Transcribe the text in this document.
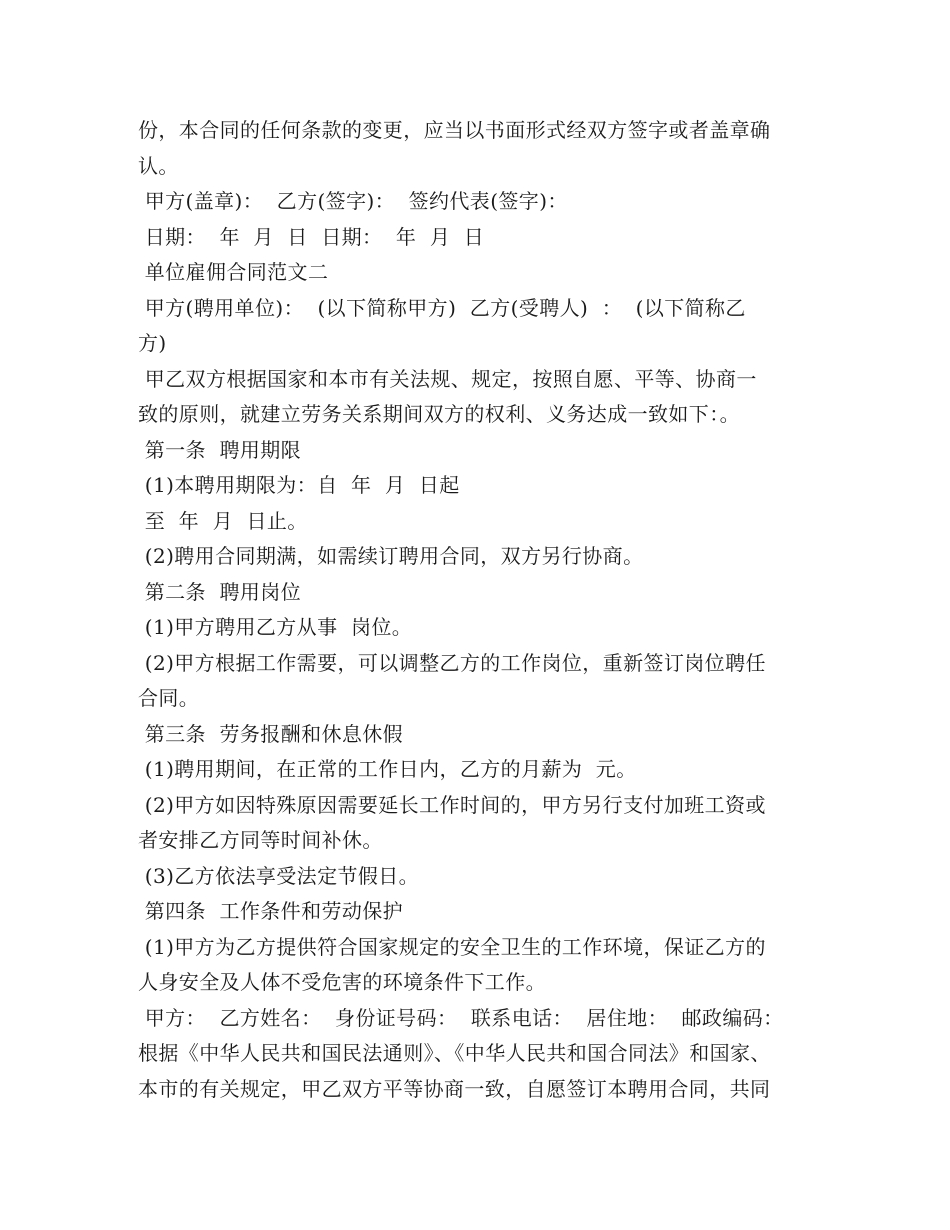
份，本合同的任何条款的变更，应当以书面形式经双方签字或者盖章确
认。
甲方(盖章)：  乙方(签字)：  签约代表(签字)：
日期：  年  月  日  日期：  年  月  日
单位雇佣合同范文二
甲方(聘用单位)：  (以下简称甲方)  乙方(受聘人)  ：  (以下简称乙
方)
甲乙双方根据国家和本市有关法规、规定，按照自愿、平等、协商一
致的原则，就建立劳务关系期间双方的权利、义务达成一致如下：。
第一条  聘用期限
(1)本聘用期限为：自  年  月  日起
至  年  月  日止。
(2)聘用合同期满，如需续订聘用合同，双方另行协商。
第二条  聘用岗位
(1)甲方聘用乙方从事  岗位。
(2)甲方根据工作需要，可以调整乙方的工作岗位，重新签订岗位聘任
合同。
第三条  劳务报酬和休息休假
(1)聘用期间，在正常的工作日内，乙方的月薪为  元。
(2)甲方如因特殊原因需要延长工作时间的，甲方另行支付加班工资或
者安排乙方同等时间补休。
(3)乙方依法享受法定节假日。
第四条  工作条件和劳动保护
(1)甲方为乙方提供符合国家规定的安全卫生的工作环境，保证乙方的
人身安全及人体不受危害的环境条件下工作。
甲方：  乙方姓名：  身份证号码：  联系电话：  居住地：  邮政编码：
根据《中华人民共和国民法通则》、《中华人民共和国合同法》和国家、
本市的有关规定，甲乙双方平等协商一致，自愿签订本聘用合同，共同
